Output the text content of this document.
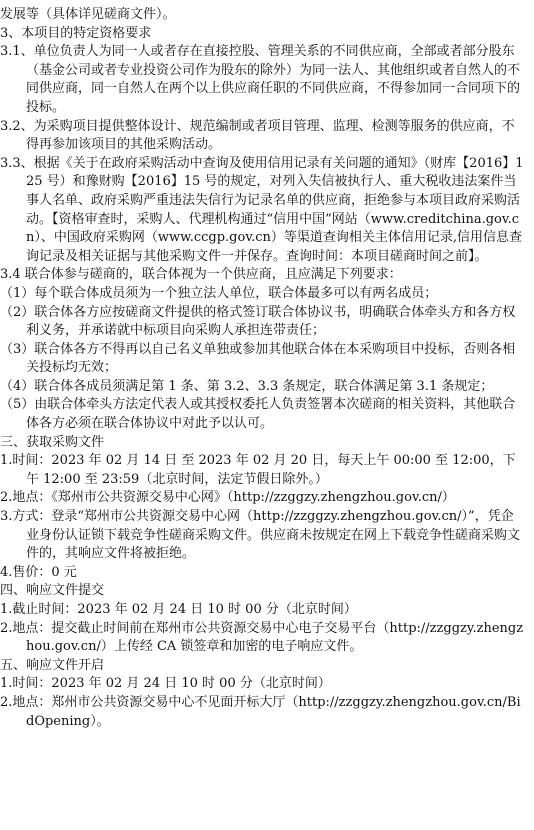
发展等（具体详见磋商文件）。

3、本项目的特定资格要求

3.1、单位负责人为同一人或者存在直接控股、管理关系的不同供应商，全部或者部分股东（基金公司或者专业投资公司作为股东的除外）为同一法人、其他组织或者自然人的不同供应商，同一自然人在两个以上供应商任职的不同供应商，不得参加同一合同项下的投标。

3.2、为采购项目提供整体设计、规范编制或者项目管理、监理、检测等服务的供应商，不得再参加该项目的其他采购活动。

3.3、根据《关于在政府采购活动中查询及使用信用记录有关问题的通知》（财库【2016】125 号）和豫财购【2016】15 号的规定，对列入失信被执行人、重大税收违法案件当事人名单、政府采购严重违法失信行为记录名单的供应商，拒绝参与本项目政府采购活动。【资格审查时，采购人、代理机构通过“信用中国”网站（www.creditchina.gov.cn）、中国政府采购网（www.ccgp.gov.cn）等渠道查询相关主体信用记录,信用信息查询记录及相关证据与其他采购文件一并保存。查询时间：本项目磋商时间之前】。

3.4 联合体参与磋商的，联合体视为一个供应商，且应满足下列要求：

（1）每个联合体成员须为一个独立法人单位，联合体最多可以有两名成员；

（2）联合体各方应按磋商文件提供的格式签订联合体协议书，明确联合体牵头方和各方权利义务，并承诺就中标项目向采购人承担连带责任；

（3）联合体各方不得再以自己名义单独或参加其他联合体在本采购项目中投标，否则各相关投标均无效；

（4）联合体各成员须满足第 1 条、第 3.2、3.3 条规定，联合体满足第 3.1 条规定；

（5）由联合体牵头方法定代表人或其授权委托人负责签署本次磋商的相关资料，其他联合体各方必须在联合体协议中对此予以认可。

三、获取采购文件

1.时间：2023 年 02 月 14 日 至 2023 年 02 月 20 日，每天上午 00:00 至 12:00，下午 12:00 至 23:59（北京时间，法定节假日除外。）

2.地点：《郑州市公共资源交易中心网》（http://zzggzy.zhengzhou.gov.cn/）

3.方式：登录“郑州市公共资源交易中心网（http://zzggzy.zhengzhou.gov.cn/）”，凭企业身份认证锁下载竞争性磋商采购文件。供应商未按规定在网上下载竞争性磋商采购文件的，其响应文件将被拒绝。

4.售价：0 元

四、响应文件提交

1.截止时间：2023 年 02 月 24 日 10 时 00 分（北京时间）

2.地点：提交截止时间前在郑州市公共资源交易中心电子交易平台（http://zzggzy.zhengzhou.gov.cn/）上传经 CA 锁签章和加密的电子响应文件。

五、响应文件开启

1.时间：2023 年 02 月 24 日 10 时 00 分（北京时间）

2.地点：郑州市公共资源交易中心不见面开标大厅（http://zzggzy.zhengzhou.gov.cn/BidOpening）。
